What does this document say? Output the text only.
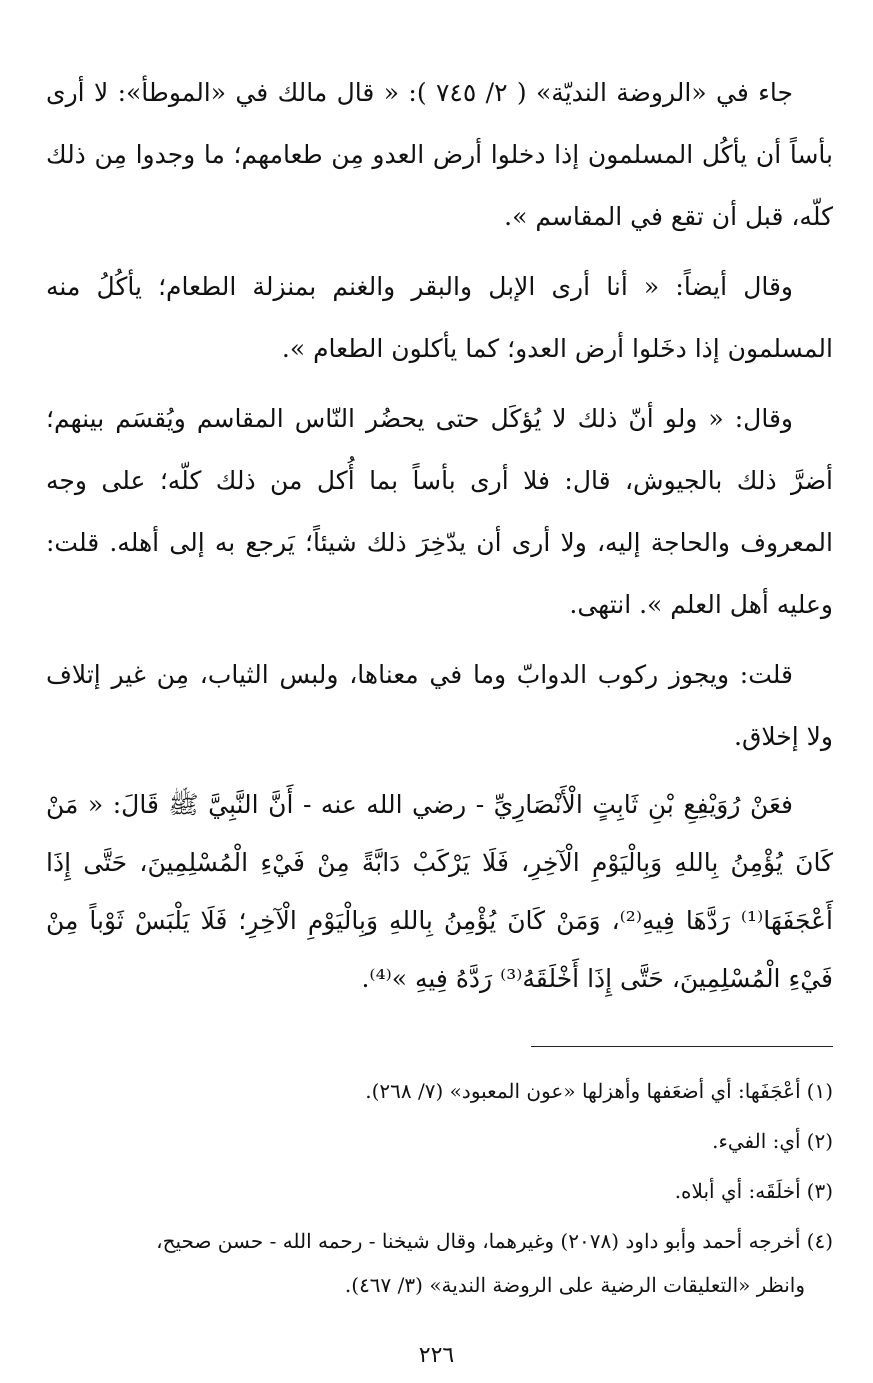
جاء في «الروضة النديّة» ( ٢/ ٧٤٥ ): « قال مالك في «الموطأ»: لا أرى بأساً أن يأكُل المسلمون إذا دخلوا أرض العدو مِن طعامهم؛ ما وجدوا مِن ذلك كلّه، قبل أن تقع في المقاسم ».

وقال أيضاً: « أنا أرى الإبل والبقر والغنم بمنزلة الطعام؛ يأكُلُ منه المسلمون إذا دخَلوا أرض العدو؛ كما يأكلون الطعام ».

وقال: « ولو أنّ ذلك لا يُؤكَل حتى يحضُر النّاس المقاسم ويُقسَم بينهم؛ أضرَّ ذلك بالجيوش، قال: فلا أرى بأساً بما أُكل من ذلك كلّه؛ على وجه المعروف والحاجة إليه، ولا أرى أن يدّخِرَ ذلك شيئاً؛ يَرجع به إلى أهله. قلت: وعليه أهل العلم ». انتهى.

قلت: ويجوز ركوب الدوابّ وما في معناها، ولبس الثياب، مِن غير إتلاف ولا إخلاق.

فعَنْ رُوَيْفِعِ بْنِ ثَابِتٍ الْأَنْصَارِيِّ - رضي الله عنه - أَنَّ النَّبِيَّ ﷺ قَالَ: « مَنْ كَانَ يُؤْمِنُ بِاللهِ وَبِالْيَوْمِ الْآخِرِ، فَلَا يَرْكَبْ دَابَّةً مِنْ فَيْءِ الْمُسْلِمِينَ، حَتَّى إِذَا أَعْجَفَهَا⁽¹⁾ رَدَّهَا فِيهِ⁽²⁾، وَمَنْ كَانَ يُؤْمِنُ بِاللهِ وَبِالْيَوْمِ الْآخِرِ؛ فَلَا يَلْبَسْ ثَوْباً مِنْ فَيْءِ الْمُسْلِمِينَ، حَتَّى إِذَا أَخْلَقَهُ⁽³⁾ رَدَّهُ فِيهِ »⁽⁴⁾.

(١)أعْجَفَها: أي أضعَفها وأهزلها «عون المعبود» (٧/ ٢٦٨).
(٢)أي: الفيء.
(٣)أخلَقَه: أي أبلاه.
(٤)أخرجه أحمد وأبو داود (٢٠٧٨) وغيرهما، وقال شيخنا - رحمه الله - حسن صحيح،
وانظر «التعليقات الرضية على الروضة الندية» (٣/ ٤٦٧).
٢٢٦
